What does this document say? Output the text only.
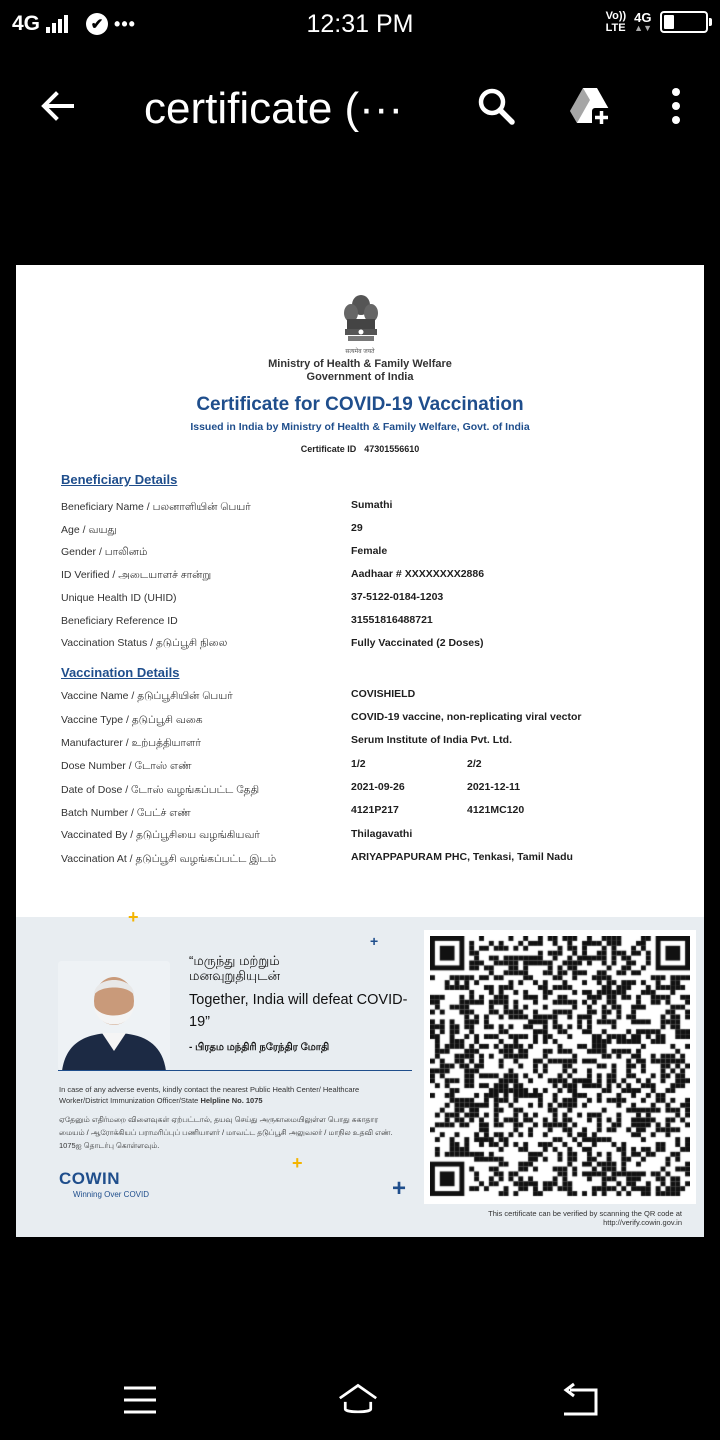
4G	✔ •••	12:31 PM	Vo))
LTE
4G
▲▼
certificate (···
सत्यमेव जयते
Ministry of Health & Family Welfare
Government of India
Certificate for COVID-19 Vaccination
Issued in India by Ministry of Health & Family Welfare, Govt. of India
Certificate ID 47301556610
Beneficiary Details
Beneficiary Name / பலனாளியின் பெயர்	Sumathi
Age / வயது	29
Gender / பாலினம்	Female
ID Verified / அடையாளச் சான்று	Aadhaar # XXXXXXXX2886
Unique Health ID (UHID)	37-5122-0184-1203
Beneficiary Reference ID	31551816488721
Vaccination Status / தடுப்பூசி நிலை	Fully Vaccinated (2 Doses)
Vaccination Details
Vaccine Name / தடுப்பூசியின் பெயர்	COVISHIELD
Vaccine Type / தடுப்பூசி வகை	COVID-19 vaccine, non-replicating viral vector
Manufacturer / உற்பத்தியாளர்	Serum Institute of India Pvt. Ltd.
Dose Number / டோஸ் எண்	1/2	2/2
Date of Dose / டோஸ் வழங்கப்பட்ட தேதி	2021-09-26	2021-12-11
Batch Number / பேட்ச் எண்	4121P217	4121MC120
Vaccinated By / தடுப்பூசியை வழங்கியவர்	Thilagavathi
Vaccination At / தடுப்பூசி வழங்கப்பட்ட இடம்	ARIYAPPAPURAM PHC, Tenkasi, Tamil Nadu
+
+
+
+
“மருந்து மற்றும்
மனவுறுதியுடன்
Together, India will defeat COVID-19”
- பிரதம மந்திரி நரேந்திர மோதி
In case of any adverse events, kindly contact the nearest Public Health Center/ Healthcare Worker/District Immunization Officer/State Helpline No. 1075
ஏதேனும் எதிர்மறை விளைவுகள் ஏற்பட்டால், தயவு செய்து அருகாமையிலுள்ள பொது சுகாதார மையம் / ஆரோக்கியப் பராமரிப்புப் பணியாளர் / மாவட்ட தடுப்பூசி அலுவலர் / மாநில உதவி எண். 1075ஐ தொடர்பு கொள்ளவும்.
COWIN
Winning Over COVID
This certificate can be verified by scanning the QR code at
http://verify.cowin.gov.in
